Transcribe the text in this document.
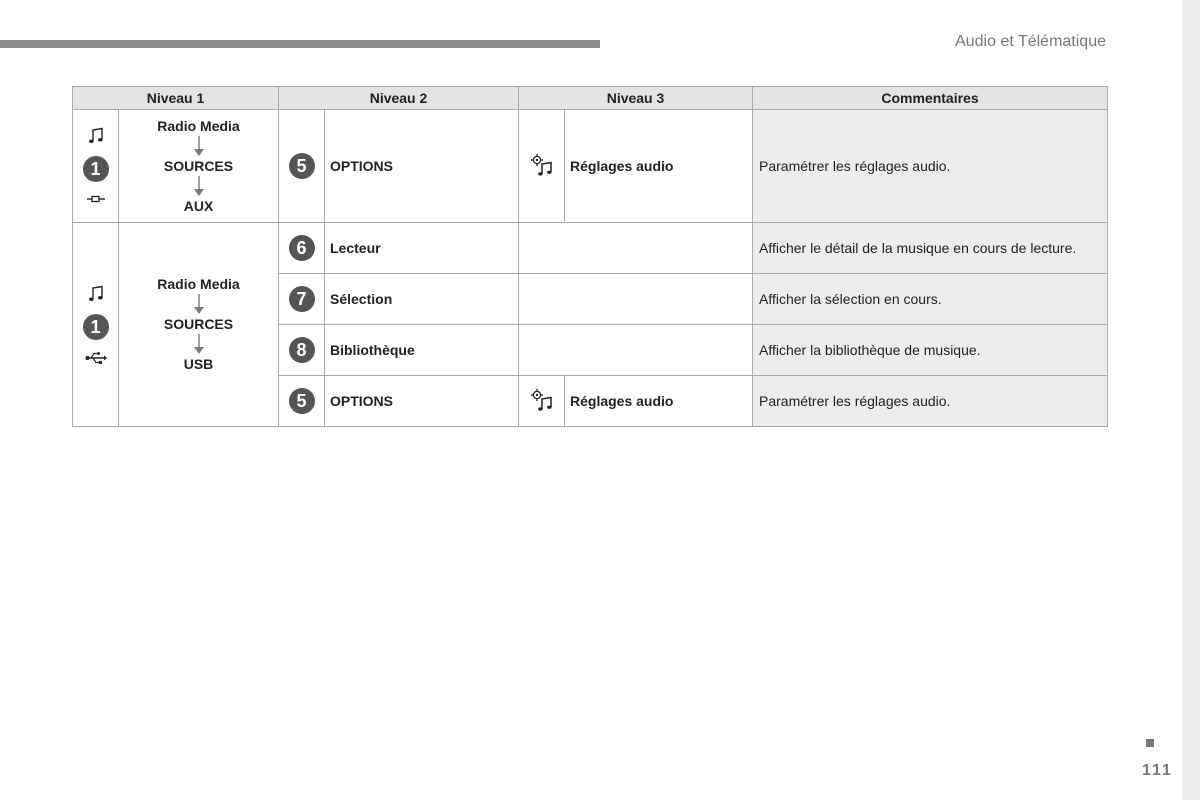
Audio et Télématique
Niveau 1		Niveau 2		Niveau 3		Commentaires

1	Radio Media
SOURCES
AUX	5	OPTIONS		Réglages audio	Paramétrer les réglages audio.

1	Radio Media
SOURCES
USB	6	Lecteur			Afficher le détail de la musique en cours de lecture.
		7	Sélection			Afficher la sélection en cours.
		8	Bibliothèque			Afficher la bibliothèque de musique.
		5	OPTIONS		Réglages audio	Paramétrer les réglages audio.
111
